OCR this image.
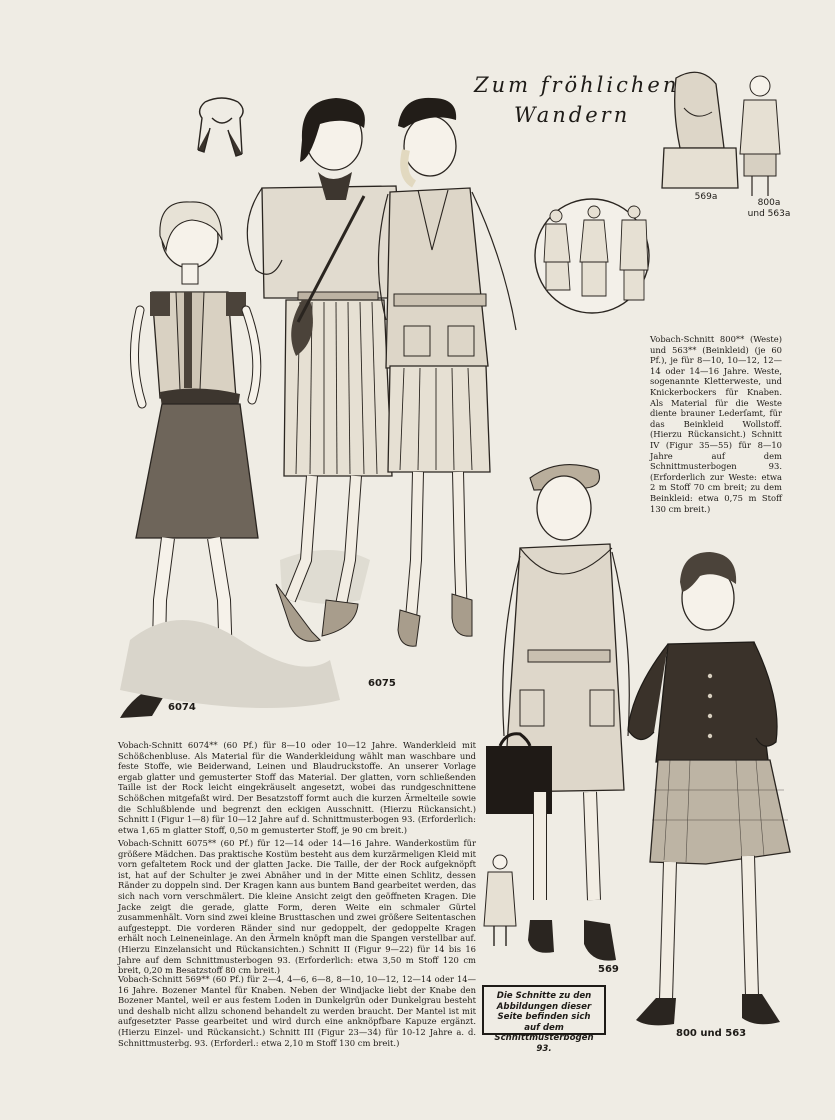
Zum fröhlichen
Wandern
6074
6075
569
569a
800a
und 563a
800 und 563

Vobach-Schnitt 800** (Weste) und 563** (Beinkleid) (je 60 Pf.), je für 8—10, 10—12, 12—14 oder 14—16 Jahre. Weste, sogenannte Kletterweste, und Knickerbockers für Knaben. Als Material für die Weste diente brauner Lederſamt, für das Beinkleid Wollstoff. (Hierzu Rückansicht.) Schnitt IV (Figur 35—55) für 8—10 Jahre auf dem Schnittmusterbogen 93. (Erforderlich zur Weste: etwa 2 m Stoff 70 cm breit; zu dem Beinkleid: etwa 0,75 m Stoff 130 cm breit.)

Vobach-Schnitt 6074** (60 Pf.) für 8—10 oder 10—12 Jahre. Wanderkleid mit Schößchenbluse. Als Material für die Wanderkleidung wählt man waschbare und feste Stoffe, wie Beiderwand, Leinen und Blaudruckstoffe. An unserer Vorlage ergab glatter und gemusterter Stoff das Material. Der glatten, vorn schließenden Taille ist der Rock leicht eingekräuselt angesetzt, wobei das rundgeschnittene Schößchen mitgefaßt wird. Der Besatzstoff formt auch die kurzen Ärmelteile sowie die Schlußblende und begrenzt den eckigen Ausschnitt. (Hierzu Rückansicht.) Schnitt I (Figur 1—8) für 10—12 Jahre auf d. Schnittmusterbogen 93. (Erforderlich: etwa 1,65 m glatter Stoff, 0,50 m gemusterter Stoff, je 90 cm breit.)

Vobach-Schnitt 6075** (60 Pf.) für 12—14 oder 14—16 Jahre. Wanderkostüm für größere Mädchen. Das praktische Kostüm besteht aus dem kurzärmeligen Kleid mit vorn gefaltetem Rock und der glatten Jacke. Die Taille, der der Rock aufgeknöpft ist, hat auf der Schulter je zwei Abnäher und in der Mitte einen Schlitz, dessen Ränder zu doppeln sind. Der Kragen kann aus buntem Band gearbeitet werden, das sich nach vorn verschmälert. Die kleine Ansicht zeigt den geöffneten Kragen. Die Jacke zeigt die gerade, glatte Form, deren Weite ein schmaler Gürtel zusammenhält. Vorn sind zwei kleine Brusttaschen und zwei größere Seitentaschen aufgesteppt. Die vorderen Ränder sind nur gedoppelt, der gedoppelte Kragen erhält noch Leineneinlage. An den Ärmeln knöpft man die Spangen verstellbar auf. (Hierzu Einzelansicht und Rückansichten.) Schnitt II (Figur 9—22) für 14 bis 16 Jahre auf dem Schnittmusterbogen 93. (Erforderlich: etwa 3,50 m Stoff 120 cm breit, 0,20 m Besatzstoff 80 cm breit.)

Vobach-Schnitt 569** (60 Pf.) für 2—4, 4—6, 6—8, 8—10, 10—12, 12—14 oder 14—16 Jahre. Bozener Mantel für Knaben. Neben der Windjacke liebt der Knabe den Bozener Mantel, weil er aus festem Loden in Dunkelgrün oder Dunkelgrau besteht und deshalb nicht allzu schonend behandelt zu werden braucht. Der Mantel ist mit aufgesetzter Passe gearbeitet und wird durch eine anknöpfbare Kapuze ergänzt. (Hierzu Einzel- und Rückansicht.) Schnitt III (Figur 23—34) für 10-12 Jahre a. d. Schnittmusterbg. 93. (Erforderl.: etwa 2,10 m Stoff 130 cm breit.)

Die Schnitte zu den Abbildungen dieser Seite befinden sich auf dem Schnittmusterbogen 93.
